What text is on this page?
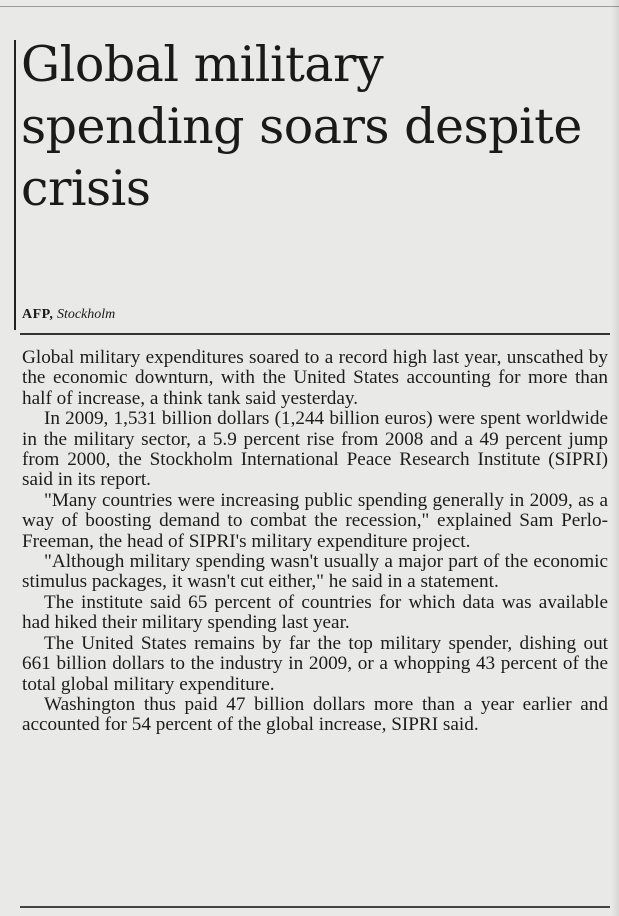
Global military spending soars despite crisis
AFP, Stockholm

Global military expenditures soared to a record high last year, unscathed by the economic downturn, with the United States accounting for more than half of increase, a think tank said yesterday.

In 2009, 1,531 billion dollars (1,244 billion euros) were spent worldwide in the military sector, a 5.9 percent rise from 2008 and a 49 percent jump from 2000, the Stockholm International Peace Research Institute (SIPRI) said in its report.

"Many countries were increasing public spending generally in 2009, as a way of boosting demand to combat the recession," explained Sam Perlo-Freeman, the head of SIPRI's military expenditure project.

"Although military spending wasn't usually a major part of the economic stimulus packages, it wasn't cut either," he said in a statement.

The institute said 65 percent of countries for which data was available had hiked their military spending last year.

The United States remains by far the top military spender, dishing out 661 billion dollars to the industry in 2009, or a whopping 43 percent of the total global military expenditure.

Washington thus paid 47 billion dollars more than a year earlier and accounted for 54 percent of the global increase, SIPRI said.
